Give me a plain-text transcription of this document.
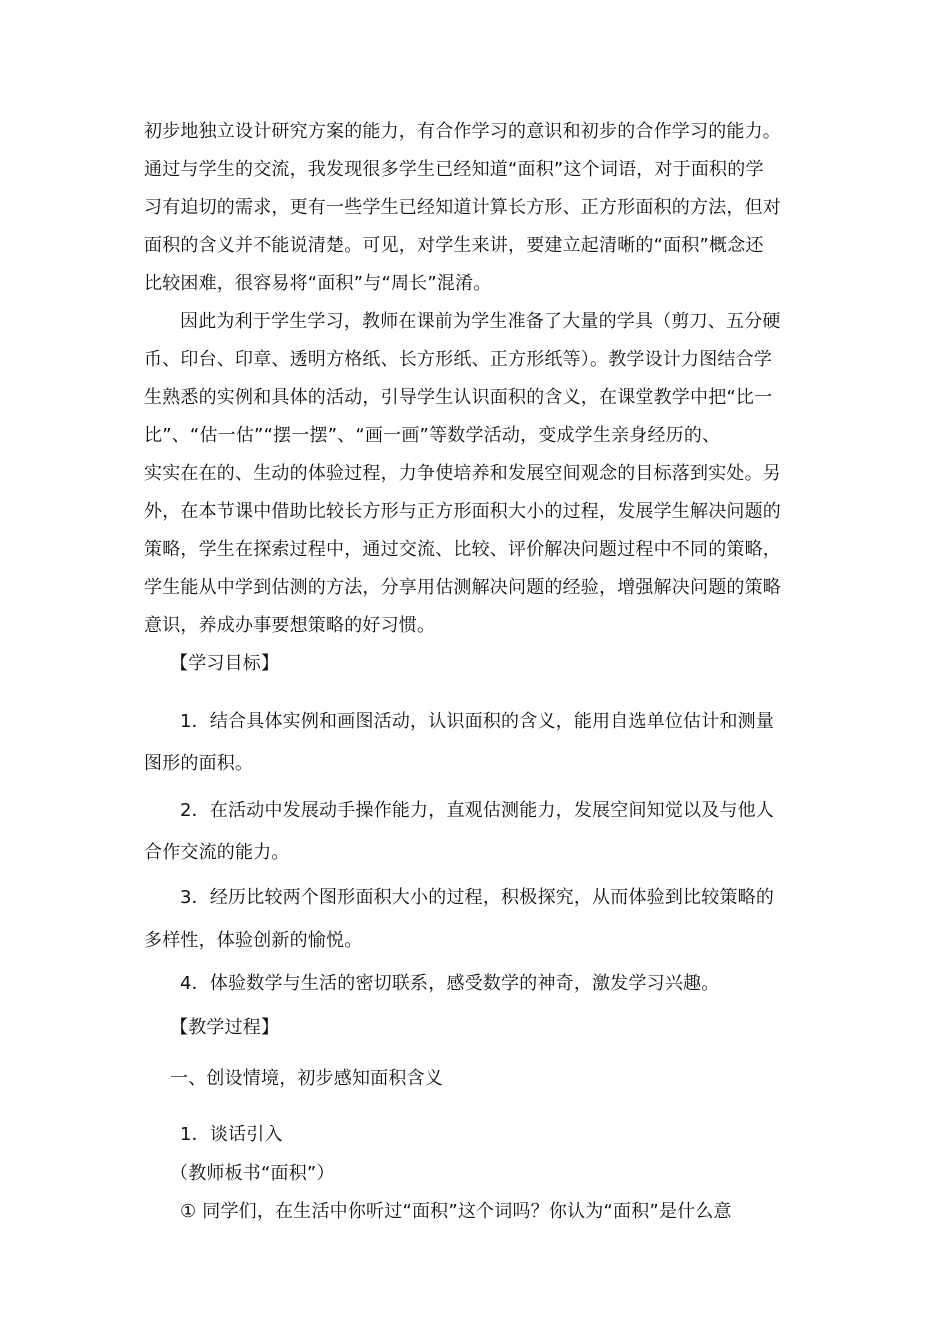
初步地独立设计研究方案的能力，有合作学习的意识和初步的合作学习的能力。
通过与学生的交流，我发现很多学生已经知道“面积”这个词语，对于面积的学
习有迫切的需求，更有一些学生已经知道计算长方形、正方形面积的方法，但对
面积的含义并不能说清楚。可见，对学生来讲，要建立起清晰的“面积”概念还
比较困难，很容易将“面积”与“周长”混淆。
因此为利于学生学习，教师在课前为学生准备了大量的学具（剪刀、五分硬
币、印台、印章、透明方格纸、长方形纸、正方形纸等）。教学设计力图结合学
生熟悉的实例和具体的活动，引导学生认识面积的含义，在课堂教学中把“比一
比”、“估一估”“摆一摆”、“画一画”等数学活动，变成学生亲身经历的、
实实在在的、生动的体验过程，力争使培养和发展空间观念的目标落到实处。另
外，在本节课中借助比较长方形与正方形面积大小的过程，发展学生解决问题的
策略，学生在探索过程中，通过交流、比较、评价解决问题过程中不同的策略，
学生能从中学到估测的方法，分享用估测解决问题的经验，增强解决问题的策略
意识，养成办事要想策略的好习惯。
【学习目标】
1．结合具体实例和画图活动，认识面积的含义，能用自选单位估计和测量
图形的面积。
2．在活动中发展动手操作能力，直观估测能力，发展空间知觉以及与他人
合作交流的能力。
3．经历比较两个图形面积大小的过程，积极探究，从而体验到比较策略的
多样性，体验创新的愉悦。
4．体验数学与生活的密切联系，感受数学的神奇，激发学习兴趣。
【教学过程】
一、创设情境，初步感知面积含义
1．谈话引入
（教师板书“面积”）
① 同学们，在生活中你听过“面积”这个词吗？你认为“面积”是什么意
